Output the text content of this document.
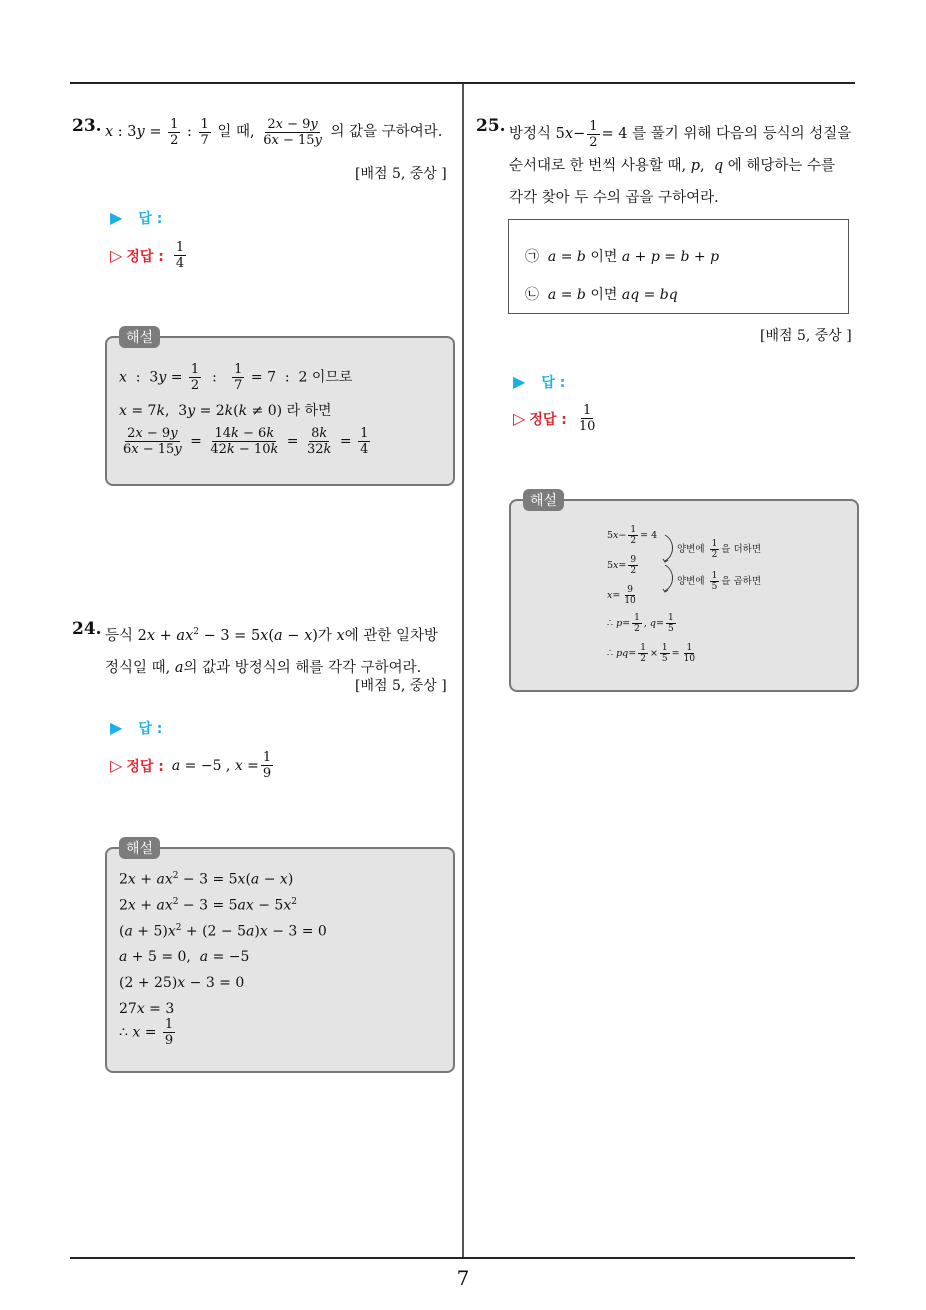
7
23. x : $3y = \frac{1}{2}$ : $\frac{1}{7}$ 일 때, $\frac{2x - 9y}{6x - 15y}$ 의 값을 구하여라.
[배점 5, 중상 ]
▶ 답 :
▷ 정답 : $\frac{1}{4}$
해설
x  :  $3y = \frac{1}{2}$ : $\frac{1}{7} = 7$  :  2 이므로
x = 7k,  3y = 2k(k ≠ 0) 라 하면
$\frac{2x - 9y}{6x - 15y} = \frac{14k - 6k}{42k - 10k} = \frac{8k}{32k} = \frac{1}{4}$
24. 등식 $2x + ax^2 - 3 = 5x(a - x)$가 x에 관한 일차방
정식일 때, a의 값과 방정식의 해를 각각 구하여라.
[배점 5, 중상 ]
▶ 답 :
▷ 정답 : a = −5 , $x = \frac{1}{9}$
해설
$2x + ax^2 - 3 = 5x(a - x)$
$2x + ax^2 - 3 = 5ax - 5x^2$
$(a + 5)x^2 + (2 - 5a)x - 3 = 0$
a + 5 = 0,  a = −5
(2 + 25)x − 3 = 0
27x = 3
∴ $x = \frac{1}{9}$
25. 방정식 $5x- \frac{1}{2} = 4$ 를 풀기 위해 다음의 등식의 성질을
순서대로 한 번씩 사용할 때, p,  q 에 해당하는 수를
각각 찾아 두 수의 곱을 구하여라.
㉠ a = b 이면 a + p = b + p
㉡ a = b 이면 aq = bq
[배점 5, 중상 ]
▶ 답 :
▷ 정답 : $\frac{1}{10}$
해설
$5x- \frac{1}{2} = 4$
양변에 $\frac{1}{2}$ 을 더하면
$5x= \frac{9}{2}$
양변에 $\frac{1}{5}$ 을 곱하면
$x= \frac{9}{10}$
∴ $p= \frac{1}{2}$ , $q= \frac{1}{5}$
∴ $pq= \frac{1}{2} \times \frac{1}{5} = \frac{1}{10}$
